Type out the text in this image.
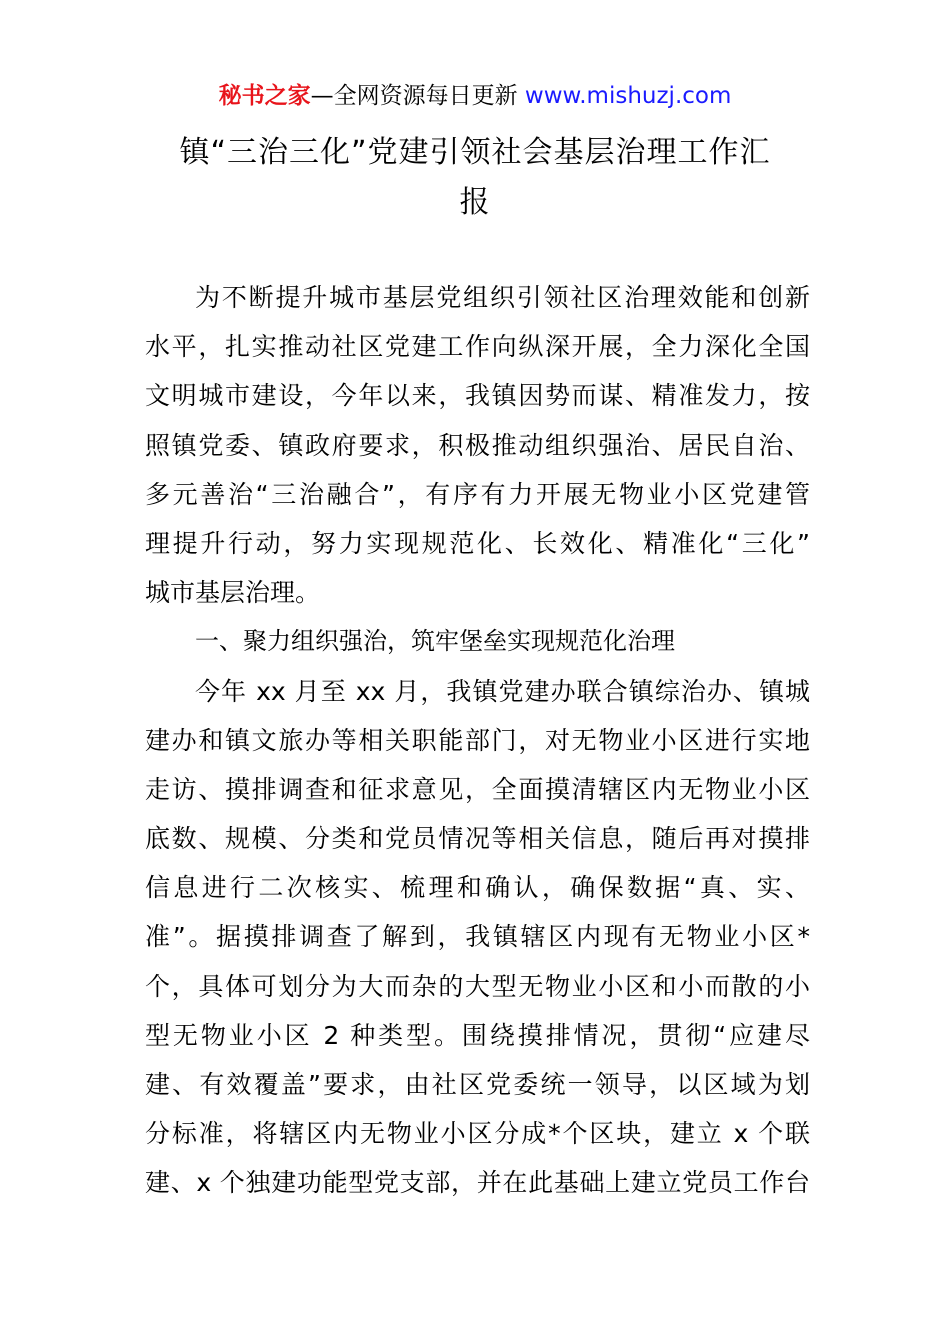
秘书之家—全网资源每日更新 www.mishuzj.com
镇“三治三化”党建引领社会基层治理工作汇
报
为不断提升城市基层党组织引领社区治理效能和创新
水平，扎实推动社区党建工作向纵深开展，全力深化全国
文明城市建设，今年以来，我镇因势而谋、精准发力，按
照镇党委、镇政府要求，积极推动组织强治、居民自治、
多元善治“三治融合”，有序有力开展无物业小区党建管
理提升行动，努力实现规范化、长效化、精准化“三化”
城市基层治理。
一、聚力组织强治，筑牢堡垒实现规范化治理
今年 xx 月至 xx 月，我镇党建办联合镇综治办、镇城
建办和镇文旅办等相关职能部门，对无物业小区进行实地
走访、摸排调查和征求意见，全面摸清辖区内无物业小区
底数、规模、分类和党员情况等相关信息，随后再对摸排
信息进行二次核实、梳理和确认，确保数据“真、实、
准”。据摸排调查了解到，我镇辖区内现有无物业小区*
个，具体可划分为大而杂的大型无物业小区和小而散的小
型无物业小区 2 种类型。围绕摸排情况，贯彻“应建尽
建、有效覆盖”要求，由社区党委统一领导，以区域为划
分标准，将辖区内无物业小区分成*个区块，建立 x 个联
建、x 个独建功能型党支部，并在此基础上建立党员工作台
